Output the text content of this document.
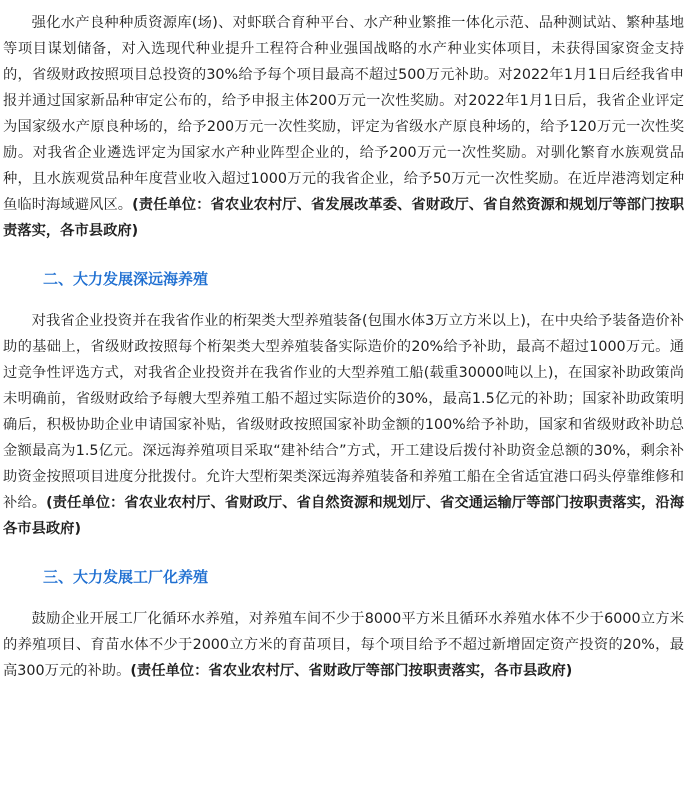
强化水产良种种质资源库(场)、对虾联合育种平台、水产种业繁推一体化示范、品种测试站、繁种基地等项目谋划储备，对入选现代种业提升工程符合种业强国战略的水产种业实体项目，未获得国家资金支持的，省级财政按照项目总投资的30%给予每个项目最高不超过500万元补助。对2022年1月1日后经我省申报并通过国家新品种审定公布的，给予申报主体200万元一次性奖励。对2022年1月1日后，我省企业评定为国家级水产原良种场的，给予200万元一次性奖励，评定为省级水产原良种场的，给予120万元一次性奖励。对我省企业遴选评定为国家水产种业阵型企业的，给予200万元一次性奖励。对驯化繁育水族观赏品种，且水族观赏品种年度营业收入超过1000万元的我省企业，给予50万元一次性奖励。在近岸港湾划定种鱼临时海域避风区。(责任单位：省农业农村厅、省发展改革委、省财政厅、省自然资源和规划厅等部门按职责落实，各市县政府)

二、大力发展深远海养殖

对我省企业投资并在我省作业的桁架类大型养殖装备(包围水体3万立方米以上)，在中央给予装备造价补助的基础上，省级财政按照每个桁架类大型养殖装备实际造价的20%给予补助，最高不超过1000万元。通过竞争性评选方式，对我省企业投资并在我省作业的大型养殖工船(载重30000吨以上)，在国家补助政策尚未明确前，省级财政给予每艘大型养殖工船不超过实际造价的30%，最高1.5亿元的补助；国家补助政策明确后，积极协助企业申请国家补贴，省级财政按照国家补助金额的100%给予补助，国家和省级财政补助总金额最高为1.5亿元。深远海养殖项目采取“建补结合”方式，开工建设后拨付补助资金总额的30%，剩余补助资金按照项目进度分批拨付。允许大型桁架类深远海养殖装备和养殖工船在全省适宜港口码头停靠维修和补给。(责任单位：省农业农村厅、省财政厅、省自然资源和规划厅、省交通运输厅等部门按职责落实，沿海各市县政府)

三、大力发展工厂化养殖

鼓励企业开展工厂化循环水养殖，对养殖车间不少于8000平方米且循环水养殖水体不少于6000立方米的养殖项目、育苗水体不少于2000立方米的育苗项目，每个项目给予不超过新增固定资产投资的20%，最高300万元的补助。(责任单位：省农业农村厅、省财政厅等部门按职责落实，各市县政府)
